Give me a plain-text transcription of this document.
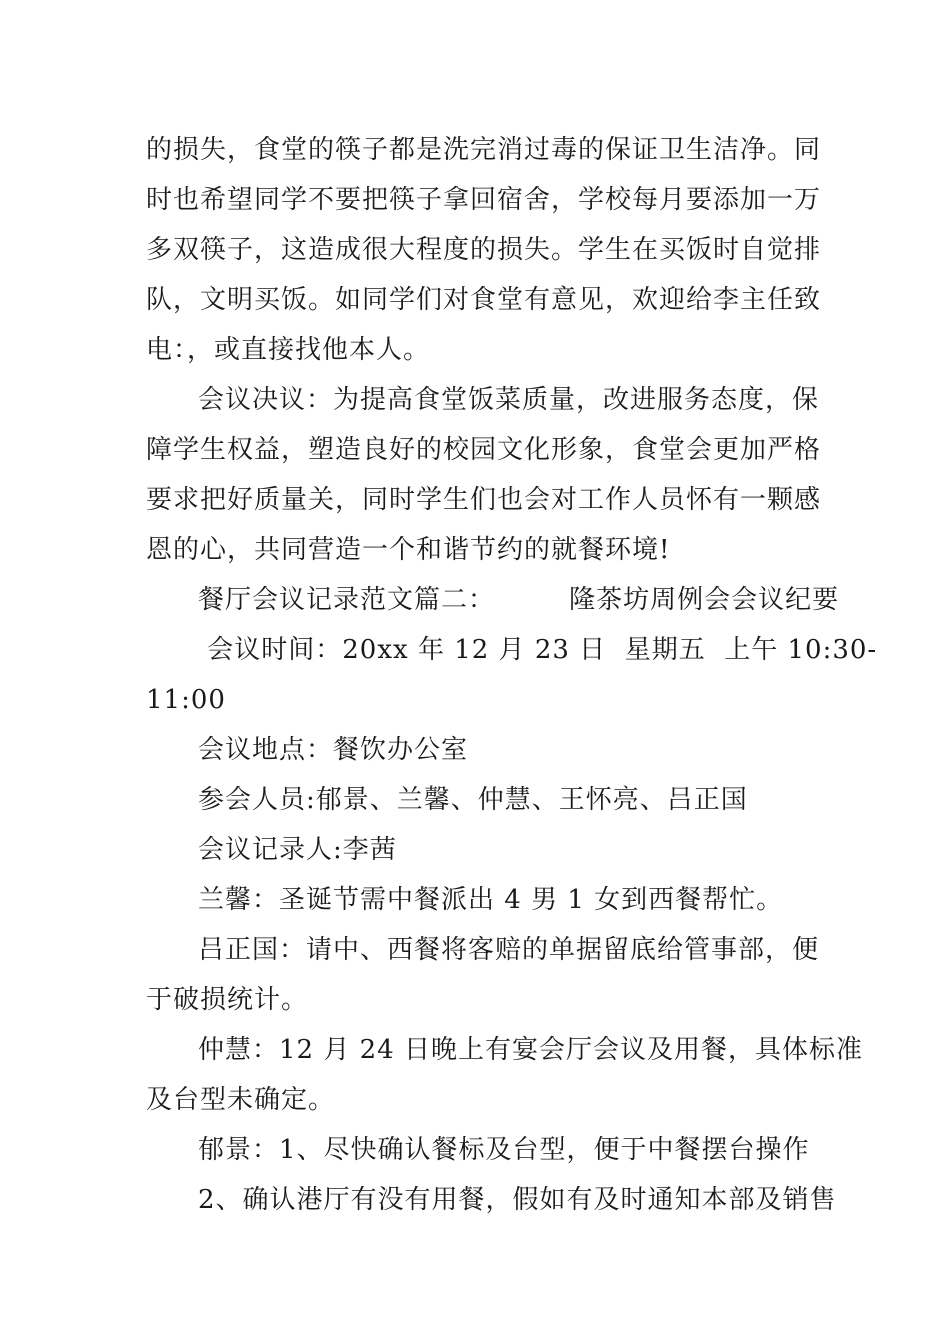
的损失，食堂的筷子都是洗完消过毒的保证卫生洁净。同
时也希望同学不要把筷子拿回宿舍，学校每月要添加一万
多双筷子，这造成很大程度的损失。学生在买饭时自觉排
队，文明买饭。如同学们对食堂有意见，欢迎给李主任致
电：，或直接找他本人。
会议决议：为提高食堂饭菜质量，改进服务态度，保
障学生权益，塑造良好的校园文化形象，食堂会更加严格
要求把好质量关，同时学生们也会对工作人员怀有一颗感
恩的心，共同营造一个和谐节约的就餐环境!
餐厅会议记录范文篇二：        隆茶坊周例会会议纪要
会议时间：20xx 年 12 月 23 日  星期五  上午 10:30-
11:00
会议地点：餐饮办公室
参会人员:郁景、兰馨、仲慧、王怀亮、吕正国
会议记录人:李茜
兰馨：圣诞节需中餐派出 4 男 1 女到西餐帮忙。
吕正国：请中、西餐将客赔的单据留底给管事部，便
于破损统计。
仲慧：12 月 24 日晚上有宴会厅会议及用餐，具体标准
及台型未确定。
郁景：1、尽快确认餐标及台型，便于中餐摆台操作
2、确认港厅有没有用餐，假如有及时通知本部及销售
